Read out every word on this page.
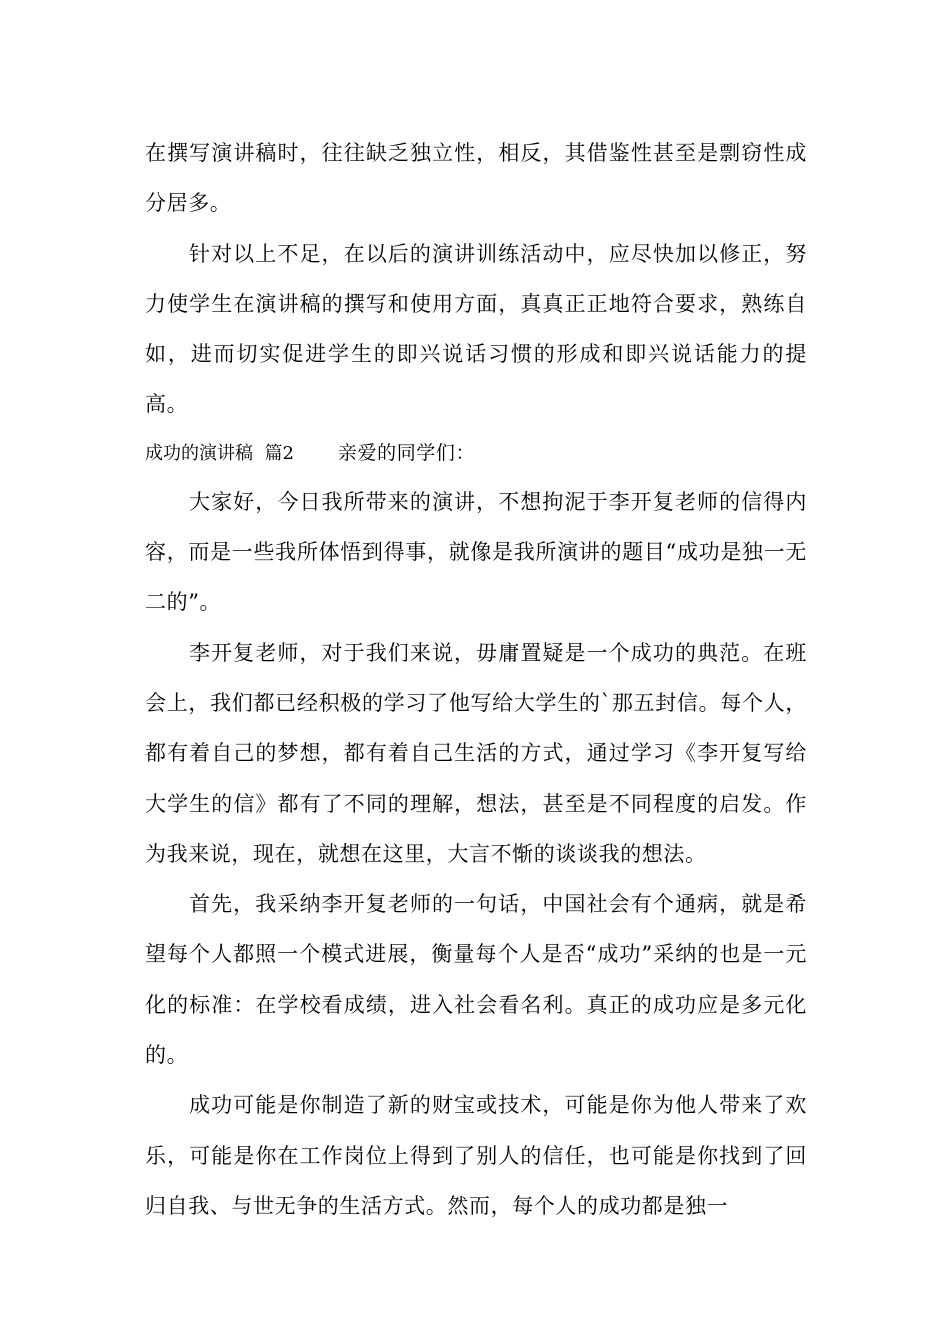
在撰写演讲稿时，往往缺乏独立性，相反，其借鉴性甚至是剽窃性成分居多。

针对以上不足，在以后的演讲训练活动中，应尽快加以修正，努力使学生在演讲稿的撰写和使用方面，真真正正地符合要求，熟练自如，进而切实促进学生的即兴说话习惯的形成和即兴说话能力的提高。

成功的演讲稿  篇2 亲爱的同学们：

大家好，今日我所带来的演讲，不想拘泥于李开复老师的信得内容，而是一些我所体悟到得事，就像是我所演讲的题目“成功是独一无二的”。

李开复老师，对于我们来说，毋庸置疑是一个成功的典范。在班会上，我们都已经积极的学习了他写给大学生的`那五封信。每个人，都有着自己的梦想，都有着自己生活的方式，通过学习《李开复写给大学生的信》都有了不同的理解，想法，甚至是不同程度的启发。作为我来说，现在，就想在这里，大言不惭的谈谈我的想法。

首先，我采纳李开复老师的一句话，中国社会有个通病，就是希望每个人都照一个模式进展，衡量每个人是否“成功”采纳的也是一元化的标准：在学校看成绩，进入社会看名利。真正的成功应是多元化的。

成功可能是你制造了新的财宝或技术，可能是你为他人带来了欢乐，可能是你在工作岗位上得到了别人的信任，也可能是你找到了回归自我、与世无争的生活方式。然而，每个人的成功都是独一
